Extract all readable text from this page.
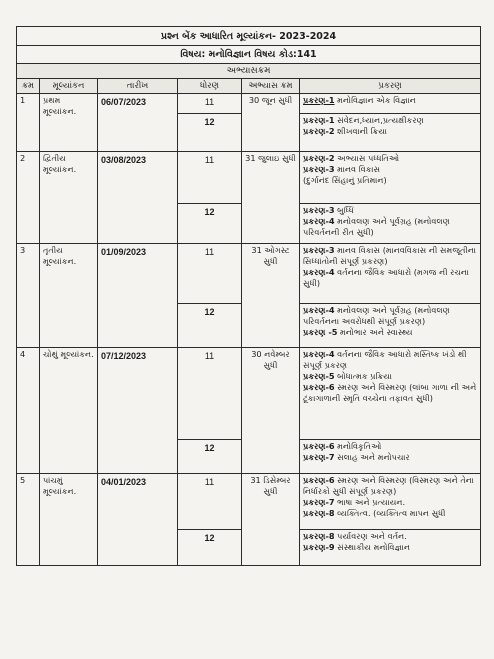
પ્રશ્ન બેંક આધારિત મૂલ્યાંકન- 2023-2024					
વિષય: મનોવિજ્ઞાન વિષય કોડ:141					
અભ્યાસક્રમ					
ક્રમ	મૂલ્યાંકન	તારીખ	ધોરણ	અભ્યાસ ક્રમ	પ્રકરણ
1	પ્રથમ મૂલ્યાંકન.	06/07/2023	11	30 જૂન સુધી	પ્રકરણ-1 મનોવિજ્ઞાન એક વિજ્ઞાન

			12		પ્રકરણ-1 સંવેદન,ધ્યાન,પ્રત્યક્ષીકરણ
પ્રકરણ-2 શીખવાની ક્રિયા

2	દ્વિતીય મૂલ્યાંકન.	03/08/2023	11	31 જુલાઇ સુધી	પ્રકરણ-2 અભ્યાસ પધ્ધતિઓ
પ્રકરણ-3 માનવ વિકાસ
(દુર્ગાનંદ સિંહાનું પ્રતિમાન)

			12		પ્રકરણ-3 બુધ્ધિ
પ્રકરણ-4 મનોવલણ અને પૂર્વગ્રહ (મનોવલણ પરિવર્તનની રીત સુધી)

3	તૃતીય મૂલ્યાંકન.	01/09/2023	11	31 ઓગસ્ટ સુધી	પ્રકરણ-3 માનવ વિકાસ (માનવવિકાસ ની સમજૂતીના સિધ્ધાંતોની સંપૂર્ણ પ્રકરણ)
પ્રકરણ-4 વર્તનના જૈવિક આધારો (મગજ ની રચના સુધી)

			12		પ્રકરણ-4 મનોવલણ અને પૂર્વગ્રહ (મનોવલણ પરિવર્તનના અવરોધથી સંપૂર્ણ પ્રકરણ)
પ્રકરણ -5 મનોભાર અને સ્વાસ્થ્ય

4	ચોથું મૂલ્યાંકન.	07/12/2023	11	30 નવેમ્બર સુધી	પ્રકરણ-4 વર્તનના જૈવિક આધારો મસ્તિષ્ક ખંડો થી સંપૂર્ણ પ્રકરણ
પ્રકરણ-5 બોધાત્મક પ્રક્રિયા
પ્રકરણ-6 સ્મરણ અને વિસ્મરણ (લાંબા ગાળા ની અને ટૂંકાગાળાની સ્મૃતિ વચ્ચેના તફાવત સુધી)

			12		પ્રકરણ-6 મનોવિકૃતિઓ
પ્રકરણ-7 સલાહ અને મનોપચાર

5	પાંચમું મૂલ્યાંકન.	04/01/2023	11	31 ડિસેમ્બર સુધી	પ્રકરણ-6 સ્મરણ અને વિસ્મરણ (વિસ્મરણ અને તેના નિર્ધારકો સુધી સંપૂર્ણ પ્રકરણ)
પ્રકરણ-7 ભાષા અને પ્રત્યાયન.
પ્રકરણ-8 વ્યક્તિત્વ. (વ્યક્તિત્વ માપન સુધી

			12		પ્રકરણ-8 પર્યાવરણ અને વર્તન.
પ્રકરણ-9 સંસ્થાકીય મનોવિજ્ઞાન
